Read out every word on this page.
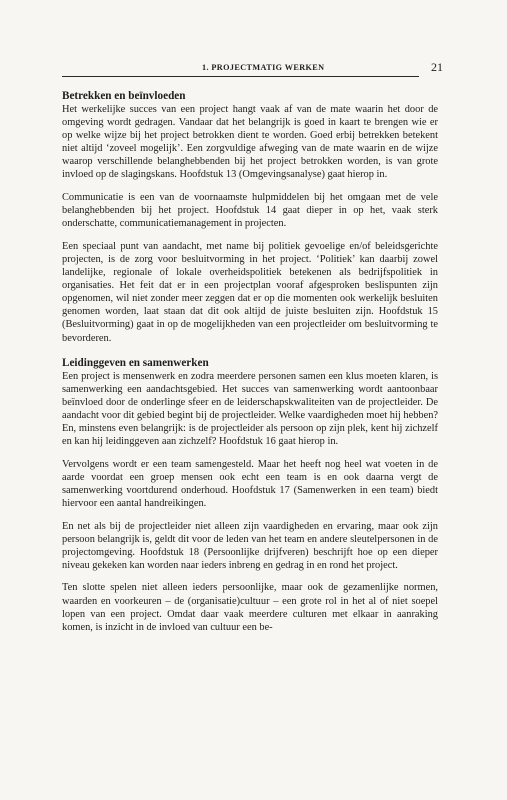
1. PROJECTMATIG WERKEN	21
Betrekken en beïnvloeden

Het werkelijke succes van een project hangt vaak af van de mate waarin het door de omgeving wordt gedragen. Vandaar dat het belangrijk is goed in kaart te brengen wie er op welke wijze bij het project betrokken dient te worden. Goed erbij betrekken betekent niet altijd ‘zoveel mogelijk’. Een zorgvuldige afweging van de mate waarin en de wijze waarop verschillende belanghebbenden bij het project betrokken worden, is van grote invloed op de slagingskans. Hoofdstuk 13 (Omgevingsanalyse) gaat hierop in.

Communicatie is een van de voornaamste hulpmiddelen bij het omgaan met de vele belanghebbenden bij het project. Hoofdstuk 14 gaat dieper in op het, vaak sterk onderschatte, communicatiemanagement in projecten.

Een speciaal punt van aandacht, met name bij politiek gevoelige en/of beleidsgerichte projecten, is de zorg voor besluitvorming in het project. ‘Politiek’ kan daarbij zowel landelijke, regionale of lokale overheidspolitiek betekenen als bedrijfspolitiek in organisaties. Het feit dat er in een projectplan vooraf afgesproken beslispunten zijn opgenomen, wil niet zonder meer zeggen dat er op die momenten ook werkelijk besluiten genomen worden, laat staan dat dit ook altijd de juiste besluiten zijn. Hoofdstuk 15 (Besluitvorming) gaat in op de mogelijkheden van een projectleider om besluitvorming te bevorderen.

Leidinggeven en samenwerken

Een project is mensenwerk en zodra meerdere personen samen een klus moeten klaren, is samenwerking een aandachtsgebied. Het succes van samenwerking wordt aantoonbaar beïnvloed door de onderlinge sfeer en de leiderschapskwaliteiten van de projectleider. De aandacht voor dit gebied begint bij de projectleider. Welke vaardigheden moet hij hebben? En, minstens even belangrijk: is de projectleider als persoon op zijn plek, kent hij zichzelf en kan hij leidinggeven aan zichzelf? Hoofdstuk 16 gaat hierop in.

Vervolgens wordt er een team samengesteld. Maar het heeft nog heel wat voeten in de aarde voordat een groep mensen ook echt een team is en ook daarna vergt de samenwerking voortdurend onderhoud. Hoofdstuk 17 (Samenwerken in een team) biedt hiervoor een aantal handreikingen.

En net als bij de projectleider niet alleen zijn vaardigheden en ervaring, maar ook zijn persoon belangrijk is, geldt dit voor de leden van het team en andere sleutelpersonen in de projectomgeving. Hoofdstuk 18 (Persoonlijke drijfveren) beschrijft hoe op een dieper niveau gekeken kan worden naar ieders inbreng en gedrag in en rond het project.

Ten slotte spelen niet alleen ieders persoonlijke, maar ook de gezamenlijke normen, waarden en voorkeuren – de (organisatie)cultuur – een grote rol in het al of niet soepel lopen van een project. Omdat daar vaak meerdere culturen met elkaar in aanraking komen, is inzicht in de invloed van cultuur een be-
